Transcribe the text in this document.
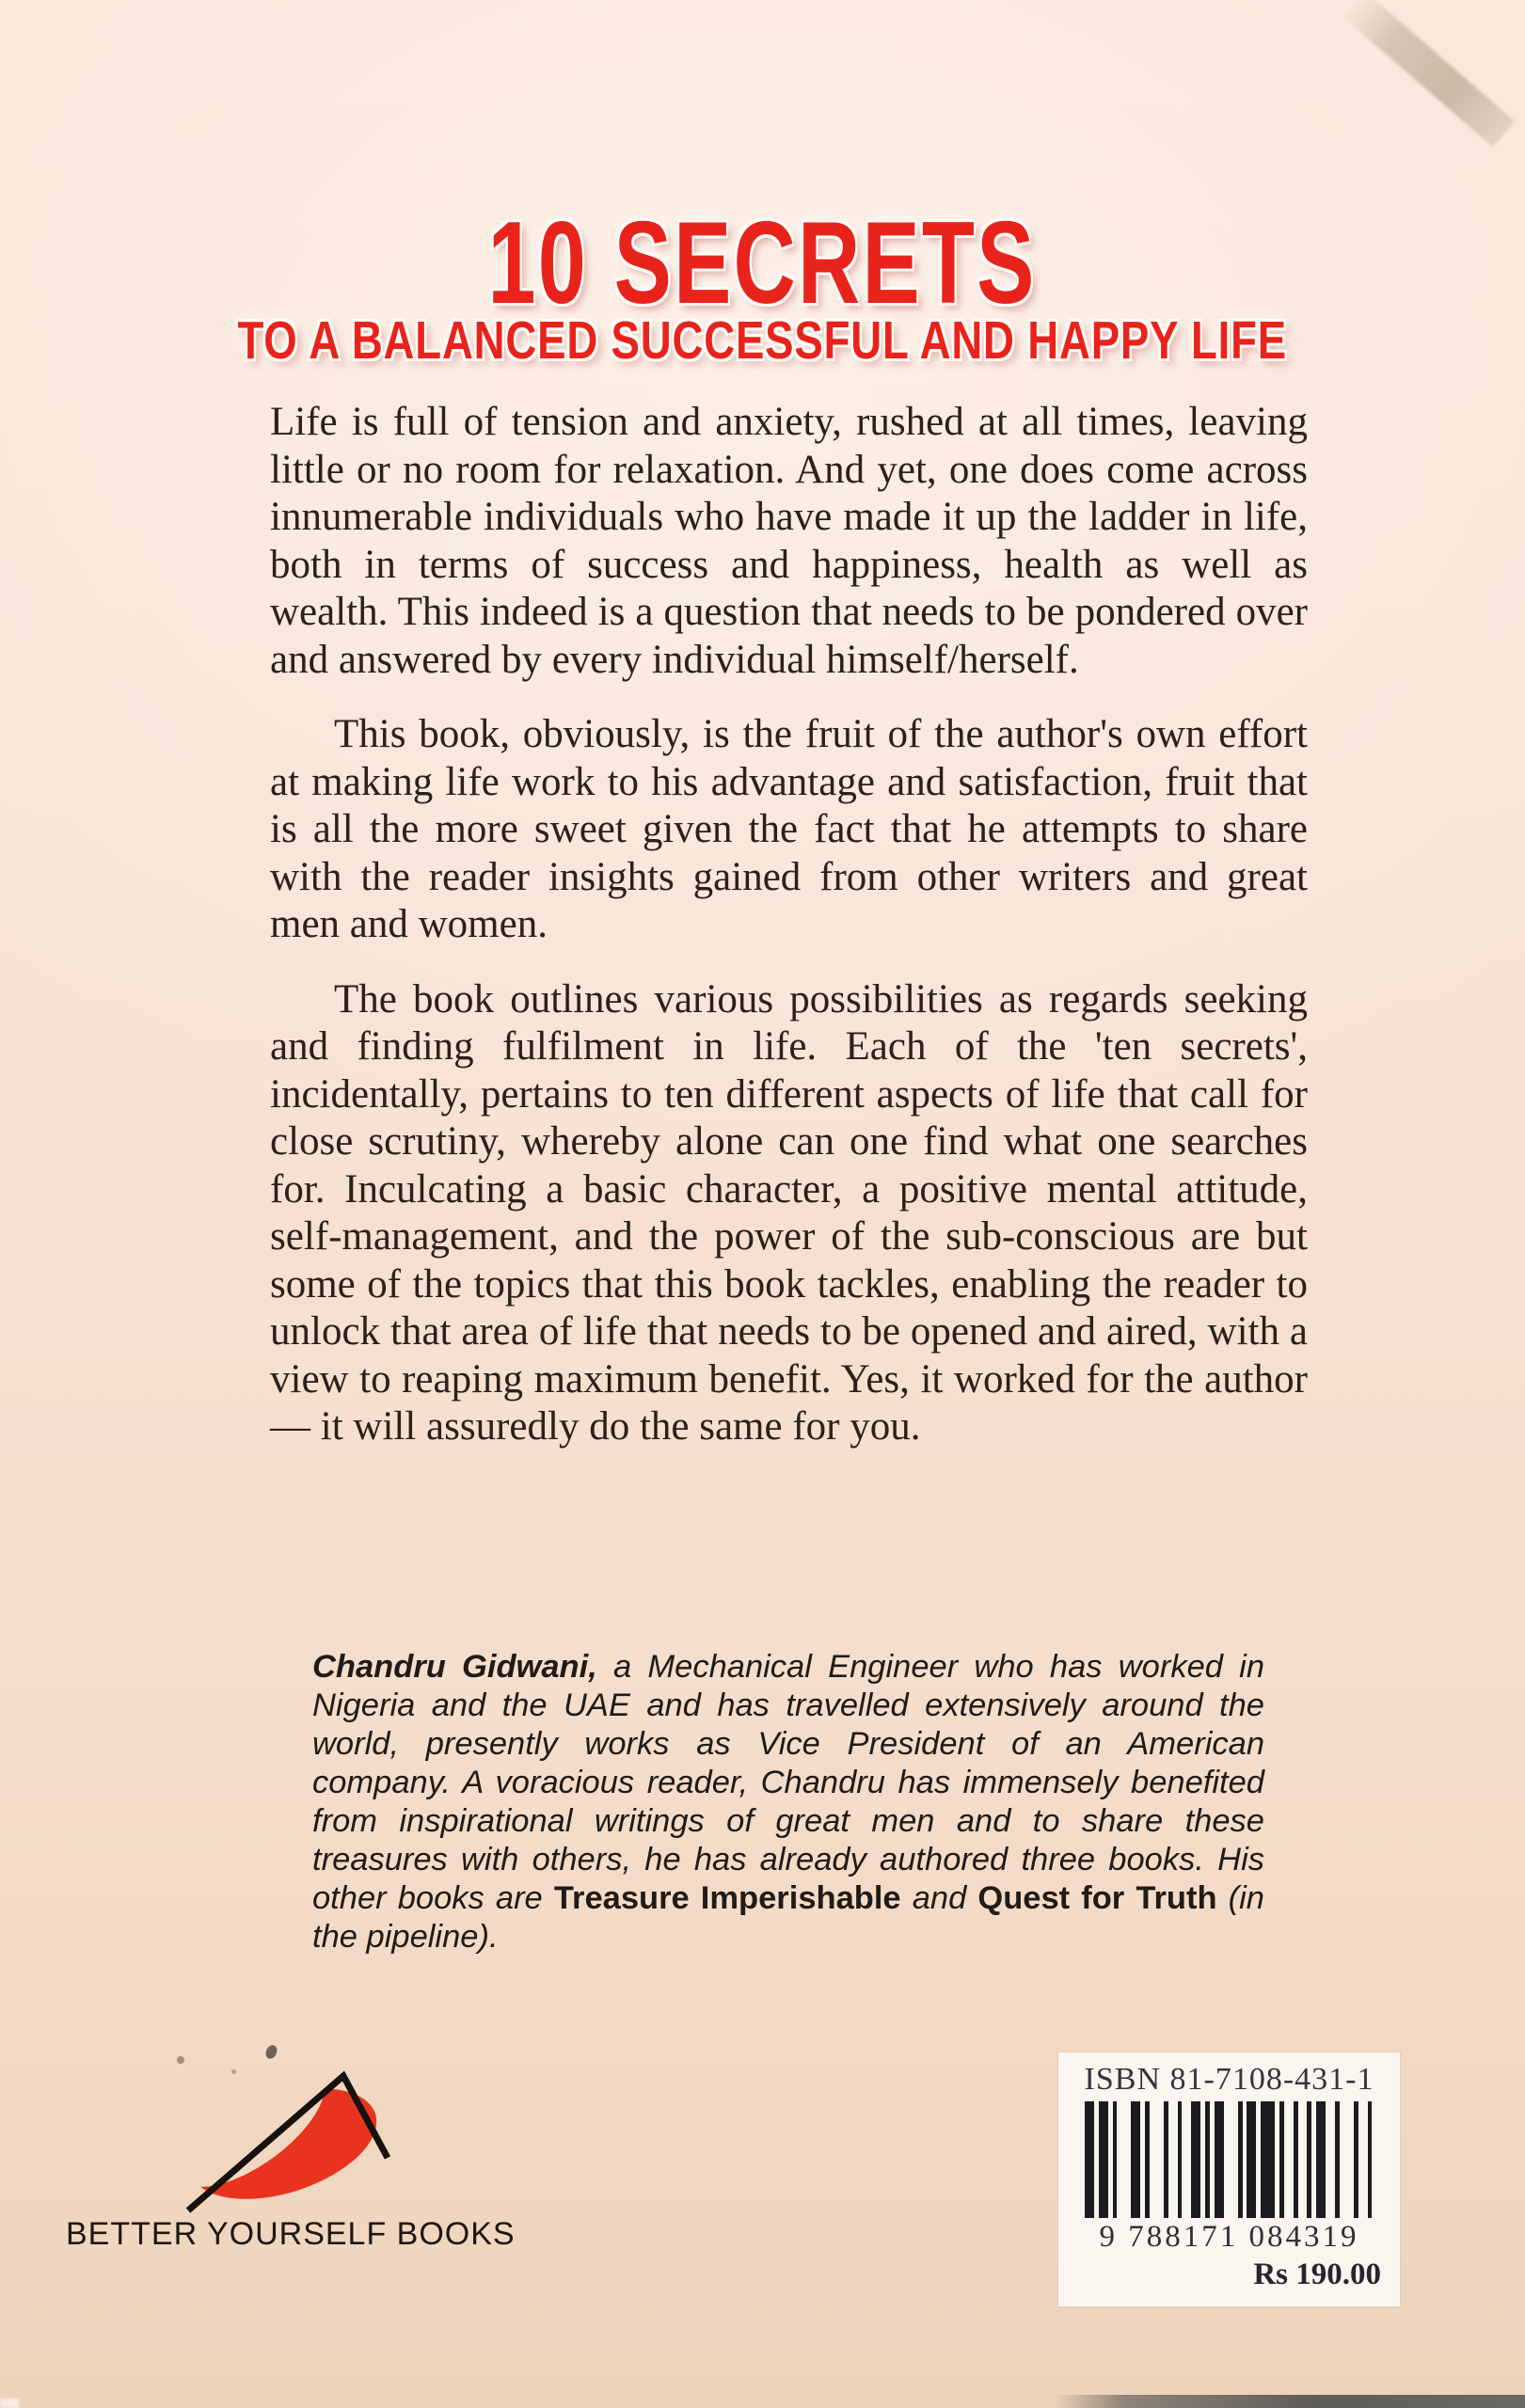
10 SECRETS
TO A BALANCED SUCCESSFUL AND HAPPY LIFE

Life is full of tension and anxiety, rushed at all times, leaving little or no room for relaxation. And yet, one does come across innumerable individuals who have made it up the ladder in life, both in terms of success and happiness, health as well as wealth. This indeed is a question that needs to be pondered over and answered by every individual himself/herself.

This book, obviously, is the fruit of the author's own effort at making life work to his advantage and satisfaction, fruit that is all the more sweet given the fact that he attempts to share with the reader insights gained from other writers and great men and women.

The book outlines various possibilities as regards seeking and finding fulfilment in life. Each of the 'ten secrets', incidentally, pertains to ten different aspects of life that call for close scrutiny, whereby alone can one find what one searches for. Inculcating a basic character, a positive mental attitude, self-management, and the power of the sub-conscious are but some of the topics that this book tackles, enabling the reader to unlock that area of life that needs to be opened and aired, with a view to reaping maximum benefit. Yes, it worked for the author — it will assuredly do the same for you.

Chandru Gidwani, a Mechanical Engineer who has worked in Nigeria and the UAE and has travelled extensively around the world, presently works as Vice President of an American company. A voracious reader, Chandru has immensely benefited from inspirational writings of great men and to share these treasures with others, he has already authored three books. His other books are Treasure Imperishable and Quest for Truth (in the pipeline).
BETTER YOURSELF BOOKS
ISBN 81-7108-431-1
9 788171 084319
Rs 190.00
